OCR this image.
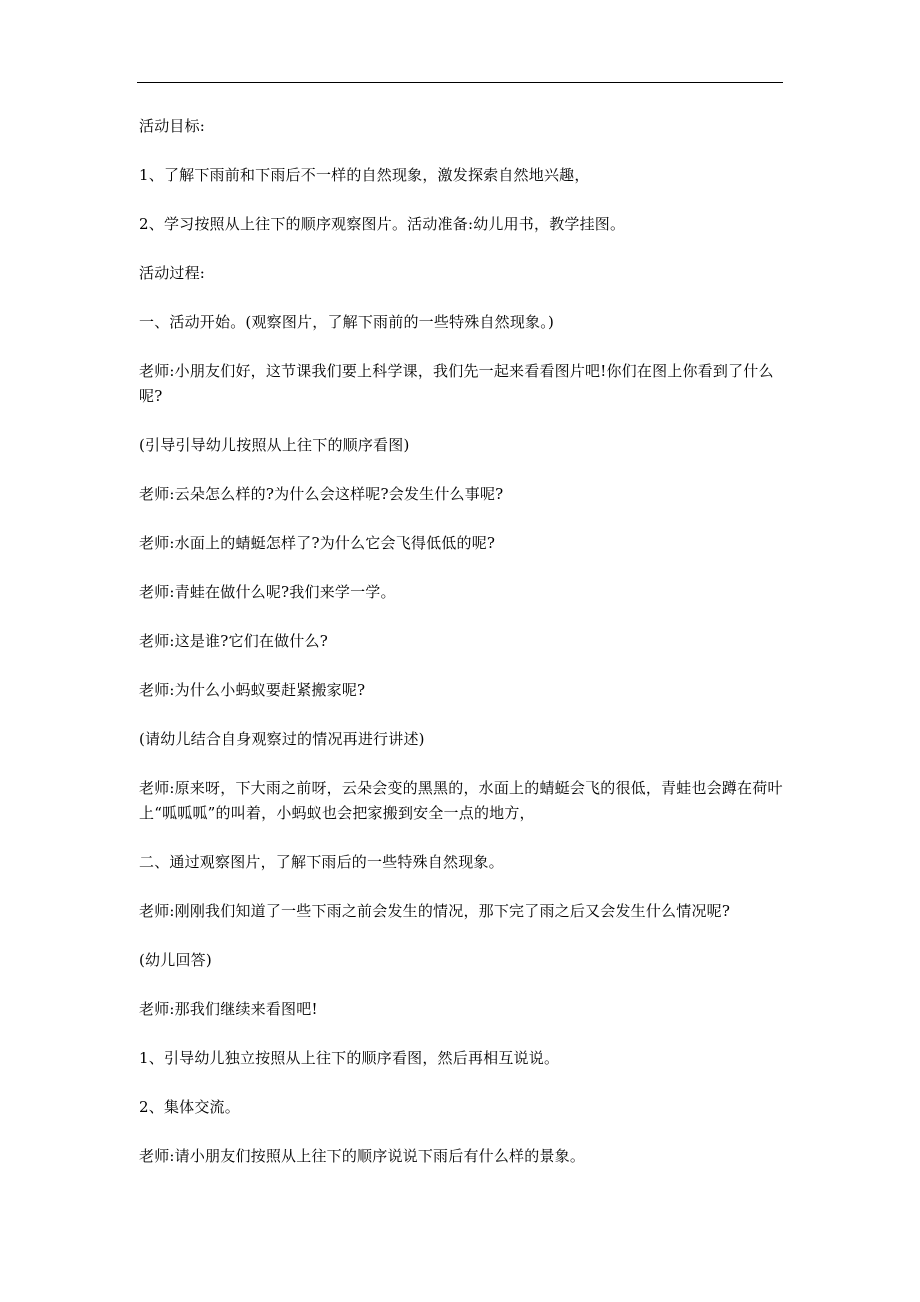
活动目标:

1、了解下雨前和下雨后不一样的自然现象，激发探索自然地兴趣，

2、学习按照从上往下的顺序观察图片。活动准备:幼儿用书，教学挂图。

活动过程:

一、活动开始。(观察图片，了解下雨前的一些特殊自然现象。)

老师:小朋友们好，这节课我们要上科学课，我们先一起来看看图片吧!你们在图上你看到了什么呢?

(引导引导幼儿按照从上往下的顺序看图)

老师:云朵怎么样的?为什么会这样呢?会发生什么事呢?

老师:水面上的蜻蜓怎样了?为什么它会飞得低低的呢?

老师:青蛙在做什么呢?我们来学一学。

老师:这是谁?它们在做什么?

老师:为什么小蚂蚁要赶紧搬家呢?

(请幼儿结合自身观察过的情况再进行讲述)

老师:原来呀，下大雨之前呀，云朵会变的黑黑的，水面上的蜻蜓会飞的很低，青蛙也会蹲在荷叶上“呱呱呱”的叫着，小蚂蚁也会把家搬到安全一点的地方，

二、通过观察图片，了解下雨后的一些特殊自然现象。

老师:刚刚我们知道了一些下雨之前会发生的情况，那下完了雨之后又会发生什么情况呢?

(幼儿回答)

老师:那我们继续来看图吧!

1、引导幼儿独立按照从上往下的顺序看图，然后再相互说说。

2、集体交流。

老师:请小朋友们按照从上往下的顺序说说下雨后有什么样的景象。
